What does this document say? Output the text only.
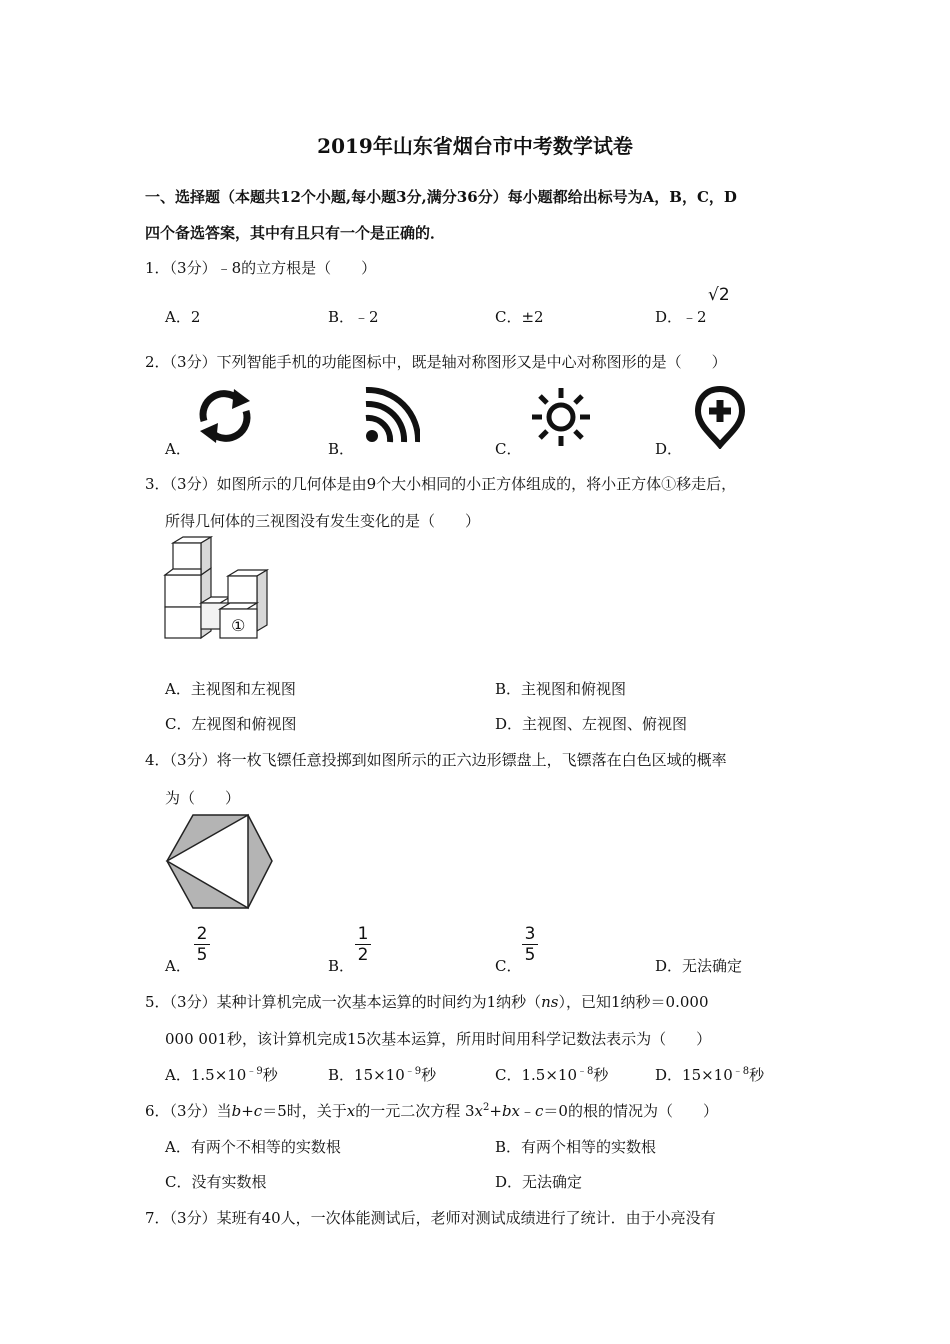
2019年山东省烟台市中考数学试卷
一、选择题（本题共12个小题,每小题3分,满分36分）每小题都给出标号为A，B，C，D
四个备选答案，其中有且只有一个是正确的．
1．（3分）﹣8的立方根是（　　）
A．2	B．﹣2	C．±2	D．﹣2
√2
2．（3分）下列智能手机的功能图标中，既是轴对称图形又是中心对称图形的是（　　）
A．	B．	C．	D．
3．（3分）如图所示的几何体是由9个大小相同的小正方体组成的，将小正方体①移走后，
所得几何体的三视图没有发生变化的是（　　）
①
A．主视图和左视图	B．主视图和俯视图
C．左视图和俯视图	D．主视图、左视图、俯视图
4．（3分）将一枚飞镖任意投掷到如图所示的正六边形镖盘上，飞镖落在白色区域的概率
为（　　）
A．
2
5
B．
1
2
C．
3
5
D．无法确定
5．（3分）某种计算机完成一次基本运算的时间约为1纳秒（ns），已知1纳秒＝0.000
000 001秒，该计算机完成15次基本运算，所用时间用科学记数法表示为（　　）
A．$1.5\times 10^{﹣9}$秒	B．$15\times 10^{﹣9}$秒	C．$1.5\times 10^{﹣8}$秒	D．$15\times 10^{﹣8}$秒
6．（3分）当b+c＝5时，关于x的一元二次方程 $3x^2+bx﹣c=0$的根的情况为（　　）
A．有两个不相等的实数根	B．有两个相等的实数根
C．没有实数根	D．无法确定
7．（3分）某班有40人，一次体能测试后，老师对测试成绩进行了统计．由于小亮没有
